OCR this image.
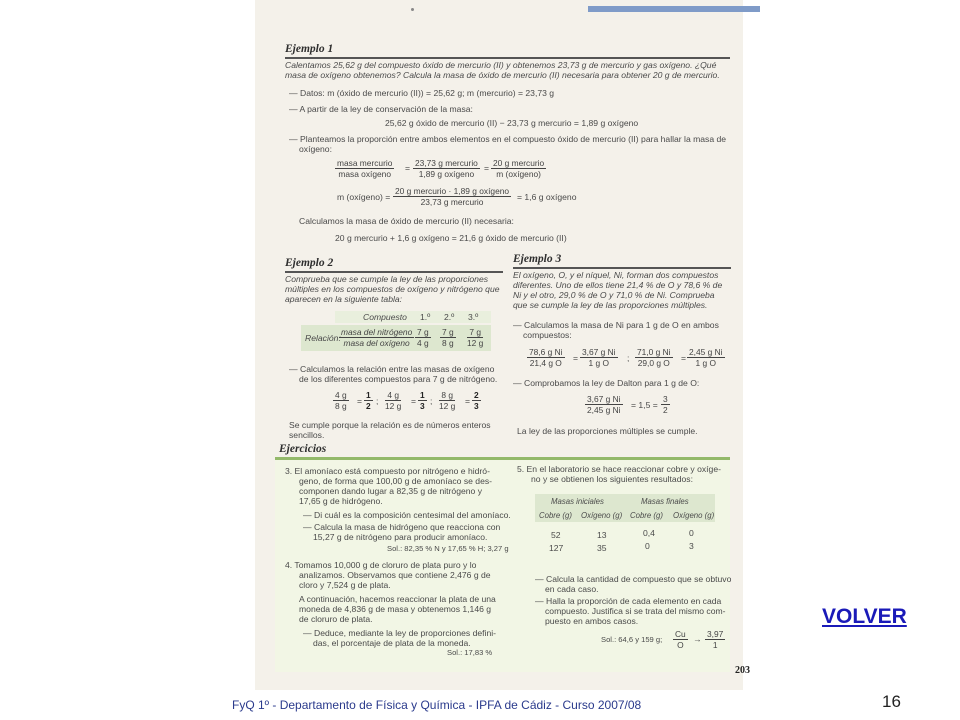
Ejemplo 1
Calentamos 25,62 g del compuesto óxido de mercurio (II) y obtenemos 23,73 g de mercurio y gas oxígeno. ¿Qué
masa de oxígeno obtenemos? Calcula la masa de óxido de mercurio (II) necesaria para obtener 20 g de mercurio.
— Datos: m (óxido de mercurio (II)) = 25,62 g; m (mercurio) = 23,73 g
— A partir de la ley de conservación de la masa:
25,62 g óxido de mercurio (II) − 23,73 g mercurio = 1,89 g oxígeno
— Planteamos la proporción entre ambos elementos en el compuesto óxido de mercurio (II) para hallar la masa de
oxígeno:
masa mercurio
masa oxígeno
= 23,73 g mercurio
1,89 g oxígeno
= 20 g mercurio
m (oxígeno)
m (oxígeno) =
20 g mercurio · 1,89 g oxígeno
23,73 g mercurio	= 1,6 g oxígeno
Calculamos la masa de óxido de mercurio (II) necesaria:
20 g mercurio + 1,6 g oxígeno = 21,6 g óxido de mercurio (II)
Ejemplo 2
Comprueba que se cumple la ley de las proporciones
múltiples en los compuestos de oxígeno y nitrógeno que
aparecen en la siguiente tabla:
Compuesto 1.º 2.º 3.º
Relación:
masa del nitrógeno
masa del oxígeno $\frac{7 g}{4 g} \frac{7 g}{8 g} \frac{7 g}{12 g}$
— Calculamos la relación entre las masas de oxígeno
de los diferentes compuestos para 7 g de nitrógeno.
$\frac{4 g}{8 g} = \frac{1}{2}$ ; $\frac{4 g}{12 g} = \frac{1}{3}$ ; $\frac{8 g}{12 g} = \frac{2}{3}$
Se cumple porque la relación es de números enteros
sencillos.
Ejemplo 3
El oxígeno, O, y el níquel, Ni, forman dos compuestos
diferentes. Uno de ellos tiene 21,4 % de O y 78,6 % de
Ni y el otro, 29,0 % de O y 71,0 % de Ni. Comprueba
que se cumple la ley de las proporciones múltiples.
— Calculamos la masa de Ni para 1 g de O en ambos
compuestos:
$\frac{\text{78,6 g Ni}}{\text{21,4 g O}} = \frac{\text{3,67 g Ni}}{\text{1 g O}}$ ; $\frac{\text{71,0 g Ni}}{\text{29,0 g O}} = \frac{\text{2,45 g Ni}}{\text{1 g O}}$
— Comprobamos la ley de Dalton para 1 g de O:
$\frac{\text{3,67 g Ni}}{\text{2,45 g Ni}} = 1,5 = \frac{3}{2}$
La ley de las proporciones múltiples se cumple.
Ejercicios
3. El amoníaco está compuesto por nitrógeno e hidró-
geno, de forma que 100,00 g de amoníaco se des-
componen dando lugar a 82,35 g de nitrógeno y
17,65 g de hidrógeno.
— Di cuál es la composición centesimal del amoníaco.
— Calcula la masa de hidrógeno que reacciona con
15,27 g de nitrógeno para producir amoníaco.
Sol.: 82,35 % N y 17,65 % H; 3,27 g
4. Tomamos 10,000 g de cloruro de plata puro y lo
analizamos. Observamos que contiene 2,476 g de
cloro y 7,524 g de plata.
A continuación, hacemos reaccionar la plata de una
moneda de 4,836 g de masa y obtenemos 1,146 g
de cloruro de plata.
— Deduce, mediante la ley de proporciones defini-
das, el porcentaje de plata de la moneda.
Sol.: 17,83 %
5. En el laboratorio se hace reaccionar cobre y oxíge-
no y se obtienen los siguientes resultados:
Masas iniciales	Masas finales
Cobre (g) Oxígeno (g) Cobre (g) Oxígeno (g)
52	13	0,4	0
127	35	0	3
— Calcula la cantidad de compuesto que se obtuvo
en cada caso.
— Halla la proporción de cada elemento en cada
compuesto. Justifica si se trata del mismo com-
puesto en ambos casos.
Sol.: 64,6 y 159 g; $\frac{Cu}{O} \to \frac{3,97}{1}$
203
VOLVER
FyQ 1º - Departamento de Física y Química - IPFA de Cádiz - Curso 2007/08	16
